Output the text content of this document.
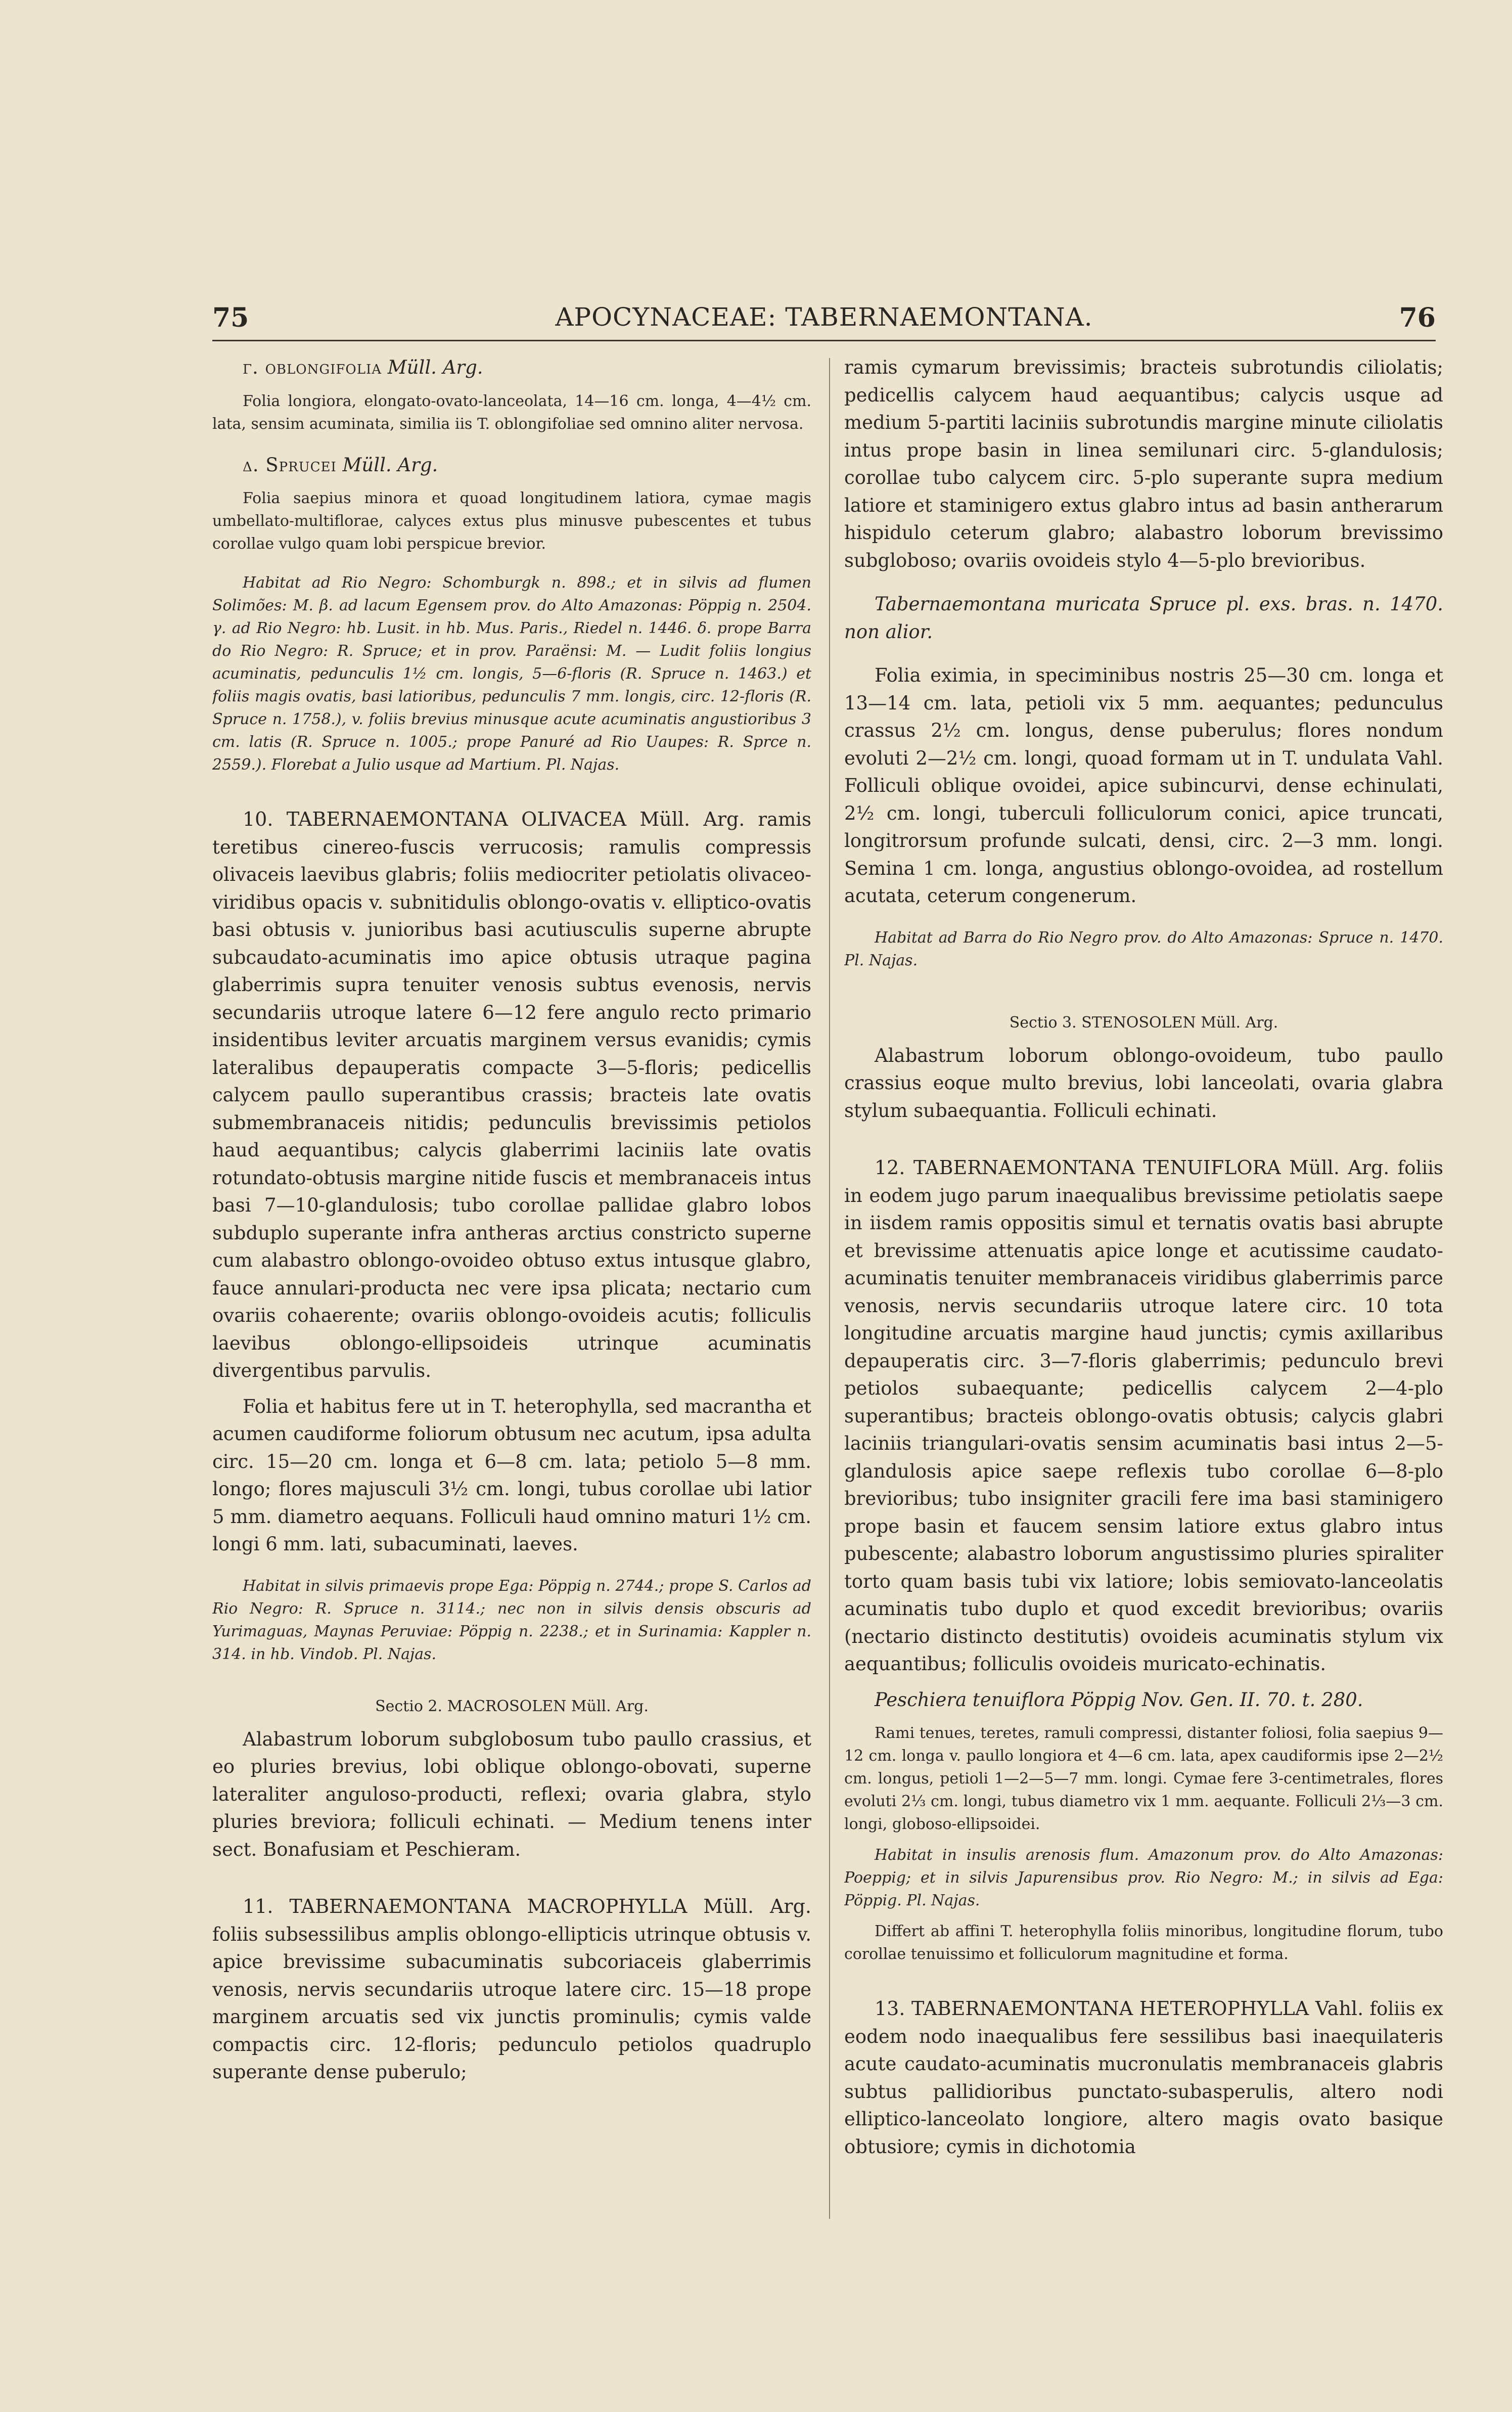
75	APOCYNACEAE: TABERNAEMONTANA.	76

γ. oblongifolia Müll. Arg.

Folia longiora, elongato-ovato-lanceolata, 14—16 cm. longa, 4—4½ cm. lata, sensim acuminata, similia iis T. oblongifoliae sed omnino aliter nervosa.

δ. Sprucei Müll. Arg.

Folia saepius minora et quoad longitudinem latiora, cymae magis umbellato-multiflorae, calyces extus plus minusve pubescentes et tubus corollae vulgo quam lobi perspicue brevior.

Habitat ad Rio Negro: Schomburgk n. 898.; et in silvis ad flumen Solimões: M. β. ad lacum Egensem prov. do Alto Amazonas: Pöppig n. 2504. γ. ad Rio Negro: hb. Lusit. in hb. Mus. Paris., Riedel n. 1446. δ. prope Barra do Rio Negro: R. Spruce; et in prov. Paraënsi: M. — Ludit foliis longius acuminatis, pedunculis 1½ cm. longis, 5—6-floris (R. Spruce n. 1463.) et foliis magis ovatis, basi latioribus, pedunculis 7 mm. longis, circ. 12-floris (R. Spruce n. 1758.), v. foliis brevius minusque acute acuminatis angustioribus 3 cm. latis (R. Spruce n. 1005.; prope Panuré ad Rio Uaupes: R. Sprce n. 2559.). Florebat a Julio usque ad Martium. Pl. Najas.

10. TABERNAEMONTANA OLIVACEA Müll. Arg. ramis teretibus cinereo-fuscis verrucosis; ramulis compressis olivaceis laevibus glabris; foliis mediocriter petiolatis olivaceo-viridibus opacis v. subnitidulis oblongo-ovatis v. elliptico-ovatis basi obtusis v. junioribus basi acutiusculis superne abrupte subcaudato-acuminatis imo apice obtusis utraque pagina glaberrimis supra tenuiter venosis subtus evenosis, nervis secundariis utroque latere 6—12 fere angulo recto primario insidentibus leviter arcuatis marginem versus evanidis; cymis lateralibus depauperatis compacte 3—5-floris; pedicellis calycem paullo superantibus crassis; bracteis late ovatis submembranaceis nitidis; pedunculis brevissimis petiolos haud aequantibus; calycis glaberrimi laciniis late ovatis rotundato-obtusis margine nitide fuscis et membranaceis intus basi 7—10-glandulosis; tubo corollae pallidae glabro lobos subduplo superante infra antheras arctius constricto superne cum alabastro oblongo-ovoideo obtuso extus intusque glabro, fauce annulari-producta nec vere ipsa plicata; nectario cum ovariis cohaerente; ovariis oblongo-ovoideis acutis; folliculis laevibus oblongo-ellipsoideis utrinque acuminatis divergentibus parvulis.

Folia et habitus fere ut in T. heterophylla, sed macrantha et acumen caudiforme foliorum obtusum nec acutum, ipsa adulta circ. 15—20 cm. longa et 6—8 cm. lata; petiolo 5—8 mm. longo; flores majusculi 3½ cm. longi, tubus corollae ubi latior 5 mm. diametro aequans. Folliculi haud omnino maturi 1½ cm. longi 6 mm. lati, subacuminati, laeves.

Habitat in silvis primaevis prope Ega: Pöppig n. 2744.; prope S. Carlos ad Rio Negro: R. Spruce n. 3114.; nec non in silvis densis obscuris ad Yurimaguas, Maynas Peruviae: Pöppig n. 2238.; et in Surinamia: Kappler n. 314. in hb. Vindob. Pl. Najas.

Sectio 2. MACROSOLEN Müll. Arg.

Alabastrum loborum subglobosum tubo paullo crassius, et eo pluries brevius, lobi oblique oblongo-obovati, superne lateraliter anguloso-producti, reflexi; ovaria glabra, stylo pluries breviora; folliculi echinati. — Medium tenens inter sect. Bonafusiam et Peschieram.

11. TABERNAEMONTANA MACROPHYLLA Müll. Arg. foliis subsessilibus amplis oblongo-ellipticis utrinque obtusis v. apice brevissime subacuminatis subcoriaceis glaberrimis venosis, nervis secundariis utroque latere circ. 15—18 prope marginem arcuatis sed vix junctis prominulis; cymis valde compactis circ. 12-floris; pedunculo petiolos quadruplo superante dense puberulo;

ramis cymarum brevissimis; bracteis subrotundis ciliolatis; pedicellis calycem haud aequantibus; calycis usque ad medium 5-partiti laciniis subrotundis margine minute ciliolatis intus prope basin in linea semilunari circ. 5-glandulosis; corollae tubo calycem circ. 5-plo superante supra medium latiore et staminigero extus glabro intus ad basin antherarum hispidulo ceterum glabro; alabastro loborum brevissimo subglobosо; ovariis ovoideis stylo 4—5-plo brevioribus.

Tabernaemontana muricata Spruce pl. exs. bras. n. 1470. non alior.

Folia eximia, in speciminibus nostris 25—30 cm. longa et 13—14 cm. lata, petioli vix 5 mm. aequantes; pedunculus crassus 2½ cm. longus, dense puberulus; flores nondum evoluti 2—2½ cm. longi, quoad formam ut in T. undulata Vahl. Folliculi oblique ovoidei, apice subincurvi, dense echinulati, 2½ cm. longi, tuberculi folliculorum conici, apice truncati, longitrorsum profunde sulcati, densi, circ. 2—3 mm. longi. Semina 1 cm. longa, angustius oblongo-ovoidea, ad rostellum acutata, ceterum congenerum.

Habitat ad Barra do Rio Negro prov. do Alto Amazonas: Spruce n. 1470. Pl. Najas.

Sectio 3. STENOSOLEN Müll. Arg.

Alabastrum loborum oblongo-ovoideum, tubo paullo crassius eoque multo brevius, lobi lanceolati, ovaria glabra stylum subaequantia. Folliculi echinati.

12. TABERNAEMONTANA TENUIFLORA Müll. Arg. foliis in eodem jugo parum inaequalibus brevissime petiolatis saepe in iisdem ramis oppositis simul et ternatis ovatis basi abrupte et brevissime attenuatis apice longe et acutissime caudato-acuminatis tenuiter membranaceis viridibus glaberrimis parce venosis, nervis secundariis utroque latere circ. 10 tota longitudine arcuatis margine haud junctis; cymis axillaribus depauperatis circ. 3—7-floris glaberrimis; pedunculo brevi petiolos subaequante; pedicellis calycem 2—4-plo superantibus; bracteis oblongo-ovatis obtusis; calycis glabri laciniis triangulari-ovatis sensim acuminatis basi intus 2—5-glandulosis apice saepe reflexis tubo corollae 6—8-plo brevioribus; tubo insigniter gracili fere ima basi staminigero prope basin et faucem sensim latiore extus glabro intus pubescente; alabastro loborum angustissimo pluries spiraliter torto quam basis tubi vix latiore; lobis semiovato-lanceolatis acuminatis tubo duplo et quod excedit brevioribus; ovariis (nectario distincto destitutis) ovoideis acuminatis stylum vix aequantibus; folliculis ovoideis muricato-echinatis.

Peschiera tenuiflora Pöppig Nov. Gen. II. 70. t. 280.

Rami tenues, teretes, ramuli compressi, distanter foliosi, folia saepius 9—12 cm. longa v. paullo longiora et 4—6 cm. lata, apex caudiformis ipse 2—2½ cm. longus, petioli 1—2—5—7 mm. longi. Cymae fere 3-centimetrales, flores evoluti 2⅓ cm. longi, tubus diametro vix 1 mm. aequante. Folliculi 2⅓—3 cm. longi, globoso-ellipsoidei.

Habitat in insulis arenosis flum. Amazonum prov. do Alto Amazonas: Poeppig; et in silvis Japurensibus prov. Rio Negro: M.; in silvis ad Ega: Pöppig. Pl. Najas.

Differt ab affini T. heterophylla foliis minoribus, longitudine florum, tubo corollae tenuissimo et folliculorum magnitudine et forma.

13. TABERNAEMONTANA HETEROPHYLLA Vahl. foliis ex eodem nodo inaequalibus fere sessilibus basi inaequilateris acute caudato-acuminatis mucronulatis membranaceis glabris subtus pallidioribus punctato-subasperulis, altero nodi elliptico-lanceolato longiore, altero magis ovato basique obtusiore; cymis in dichotomia
